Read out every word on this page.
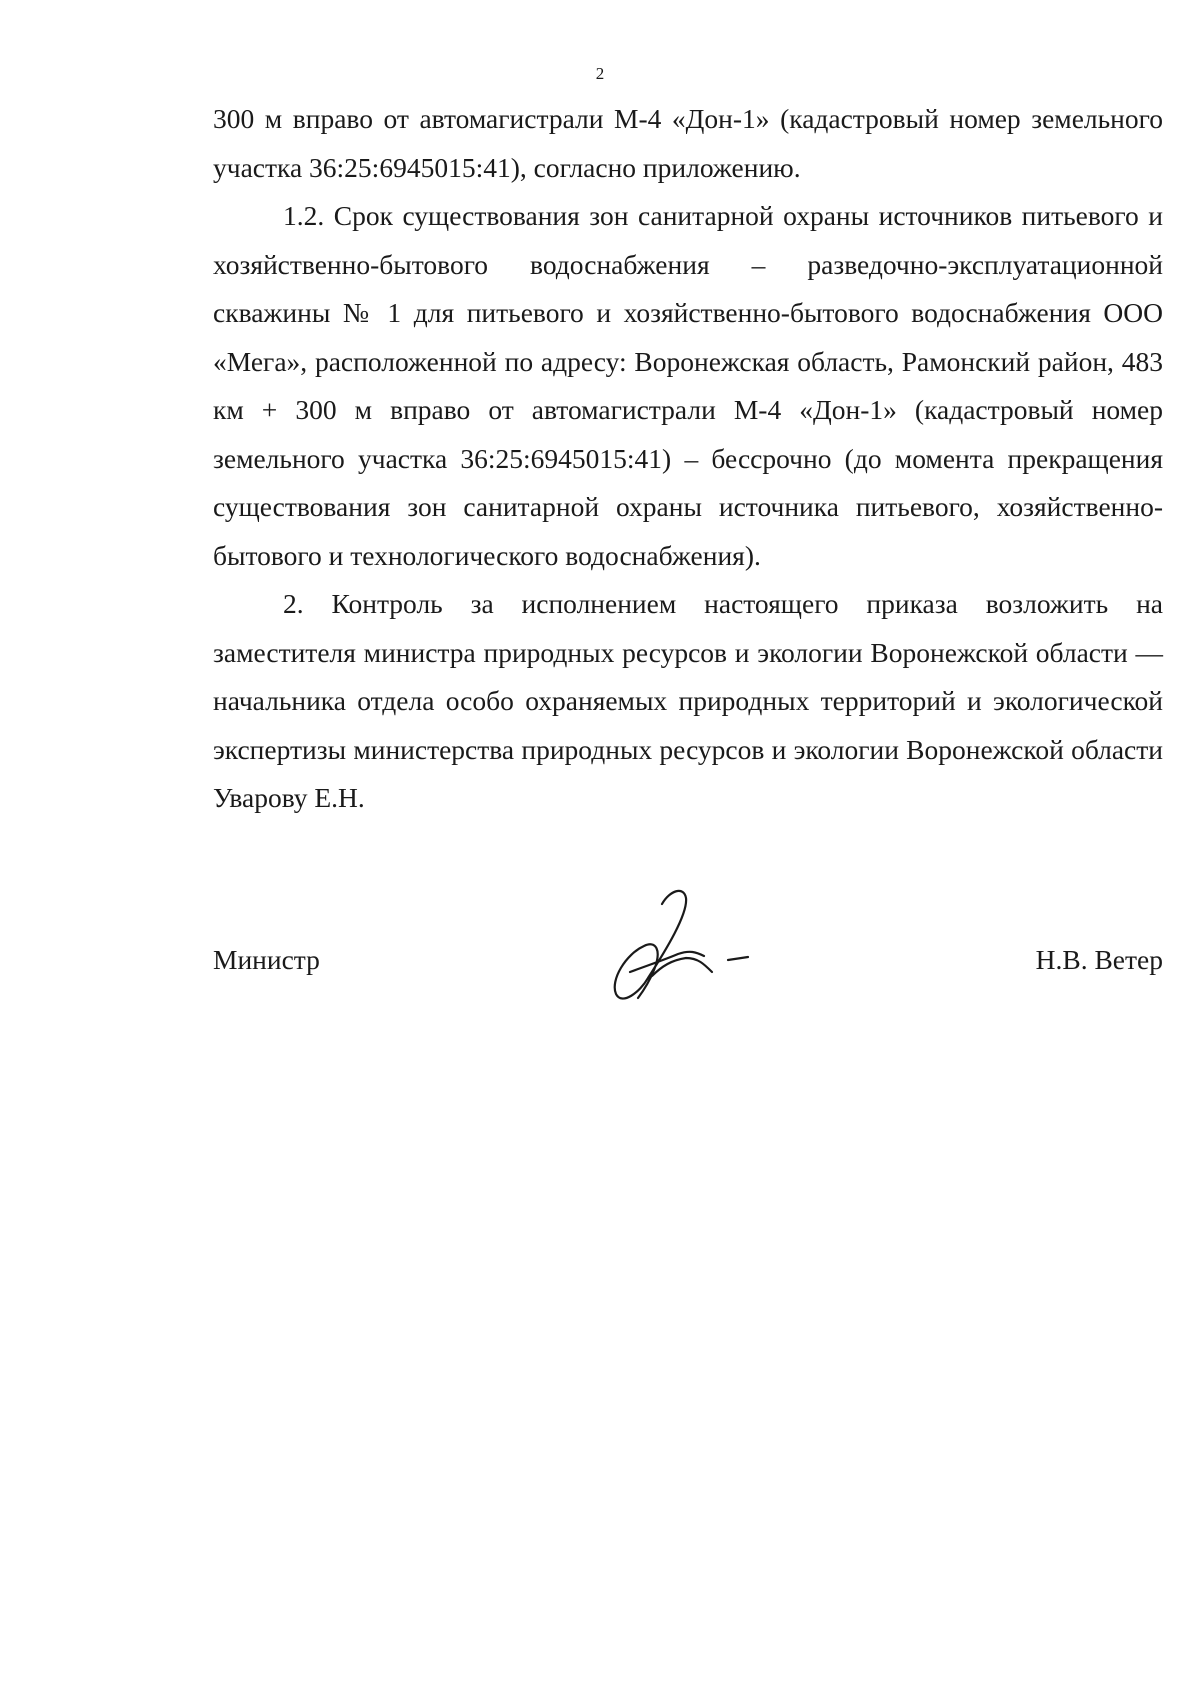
2

300 м вправо от автомагистрали М-4 «Дон-1» (кадастровый номер земельного участка 36:25:6945015:41), согласно приложению.

1.2. Срок существования зон санитарной охраны источников питьевого и хозяйственно-бытового водоснабжения – разведочно-эксплуатационной скважины № 1 для питьевого и хозяйственно-бытового водоснабжения ООО «Мега», расположенной по адресу: Воронежская область, Рамонский район, 483 км + 300 м вправо от автомагистрали М-4 «Дон-1» (кадастровый номер земельного участка 36:25:6945015:41) – бессрочно (до момента прекращения существования зон санитарной охраны источника питьевого, хозяйственно-бытового и технологического водоснабжения).

2. Контроль за исполнением настоящего приказа возложить на заместителя министра природных ресурсов и экологии Воронежской области — начальника отдела особо охраняемых природных территорий и экологической экспертизы министерства природных ресурсов и экологии Воронежской области Уварову Е.Н.

Министр	Н.В. Ветер
